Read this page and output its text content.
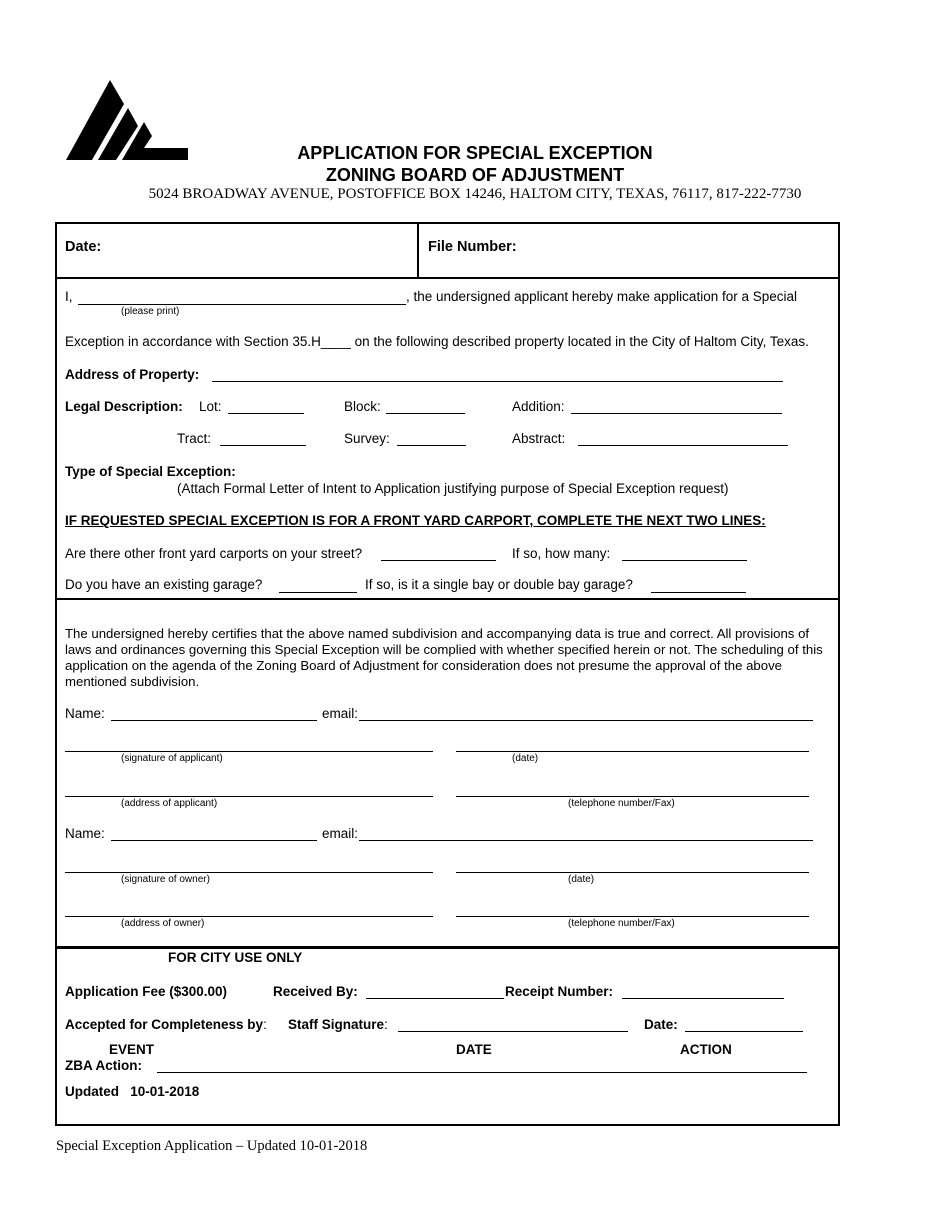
APPLICATION FOR SPECIAL EXCEPTION
ZONING BOARD OF ADJUSTMENT
5024 BROADWAY AVENUE, POSTOFFICE BOX 14246, HALTOM CITY, TEXAS, 76117, 817-222-7730
Date:	File Number:
I,
(please print)
, the undersigned applicant hereby make application for a Special
Exception in accordance with Section 35.H____ on the following described property located in the City of Haltom City, Texas.
Address of Property:
Legal Description: Lot:	Block:	Addition:
Tract:	Survey:	Abstract:
Type of Special Exception:
(Attach Formal Letter of Intent to Application justifying purpose of Special Exception request)
IF REQUESTED SPECIAL EXCEPTION IS FOR A FRONT YARD CARPORT, COMPLETE THE NEXT TWO LINES:
Are there other front yard carports on your street?	If so, how many:
Do you have an existing garage?	If so, is it a single bay or double bay garage?
The undersigned hereby certifies that the above named subdivision and accompanying data is true and correct. All provisions of laws and ordinances governing this Special Exception will be complied with whether specified herein or not. The scheduling of this application on the agenda of the Zoning Board of Adjustment for consideration does not presume the approval of the above mentioned subdivision.
Name:	email:
(signature of applicant)	(date)
(address of applicant)	(telephone number/Fax)
Name:	email:
(signature of owner)	(date)
(address of owner)	(telephone number/Fax)
FOR CITY USE ONLY
Application Fee ($300.00)	Received By:	Receipt Number:
Accepted for Completeness by: Staff Signature:	Date:
EVENT	DATE	ACTION
ZBA Action:
Updated   10-01-2018
Special Exception Application – Updated 10-01-2018
